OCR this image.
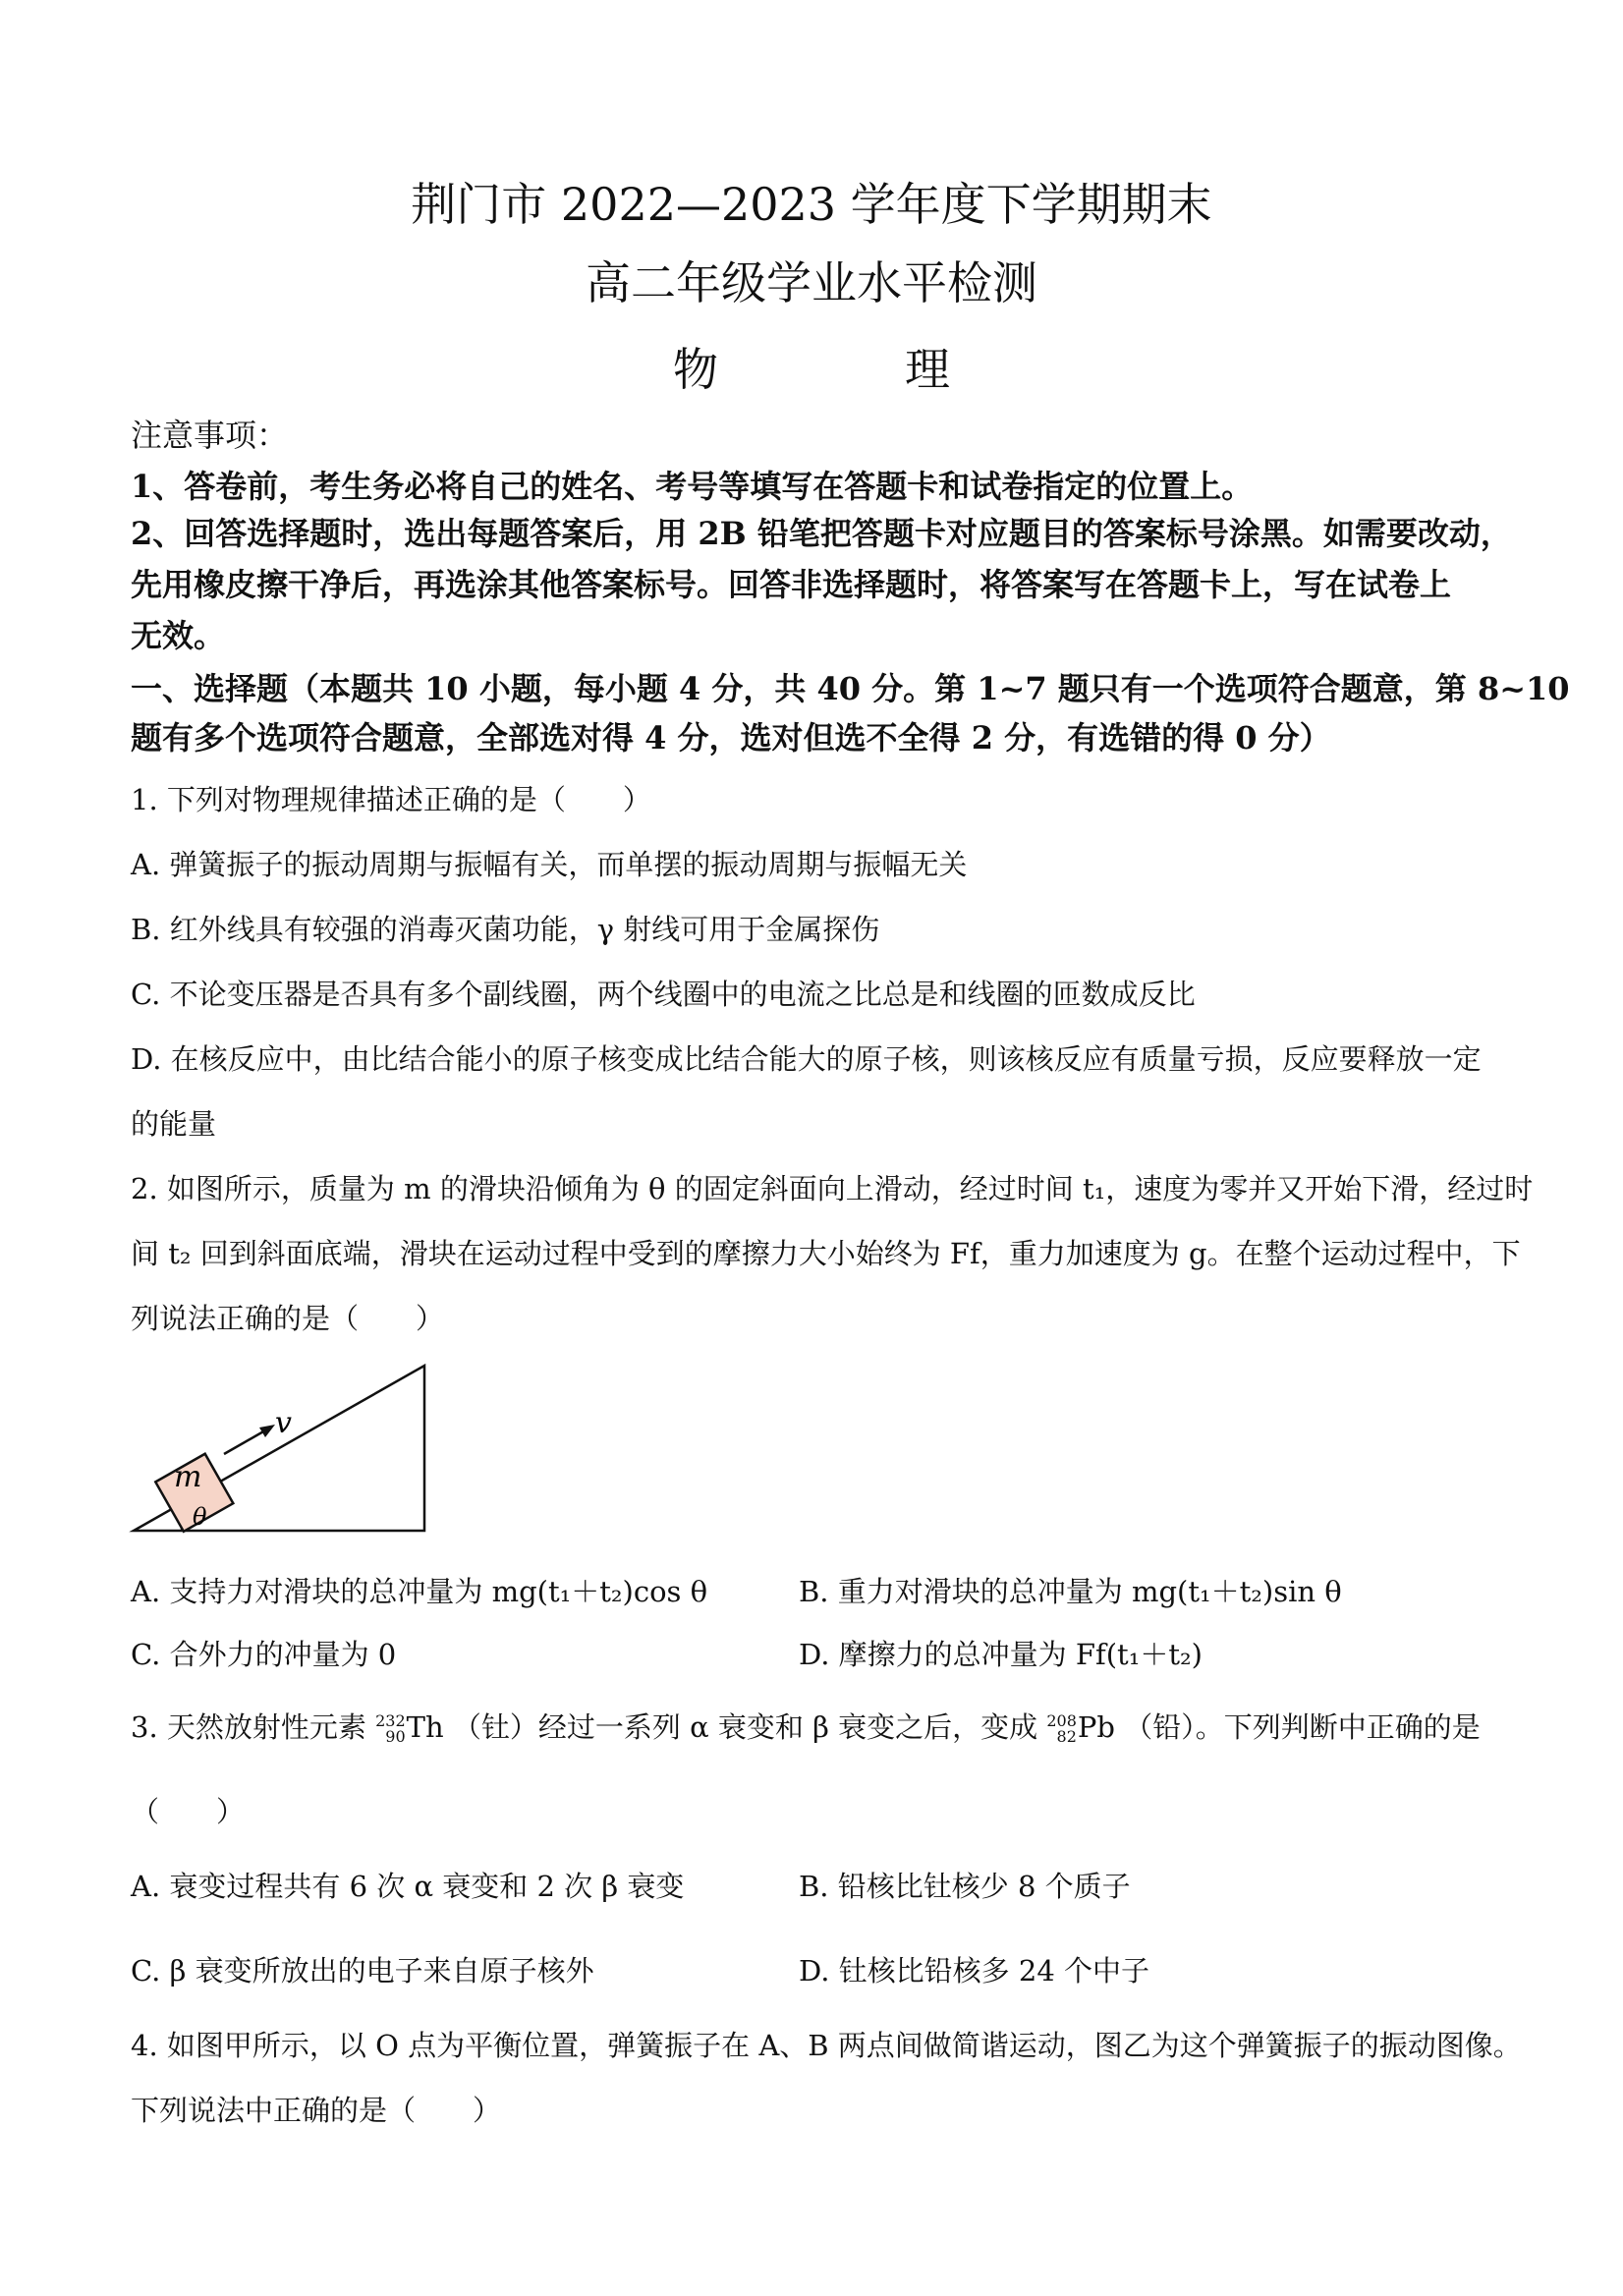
荆门市 2022—2023 学年度下学期期末
高二年级学业水平检测
物	理
注意事项：
1、答卷前，考生务必将自己的姓名、考号等填写在答题卡和试卷指定的位置上。
2、回答选择题时，选出每题答案后，用 2B 铅笔把答题卡对应题目的答案标号涂黑。如需要改动，
先用橡皮擦干净后，再选涂其他答案标号。回答非选择题时，将答案写在答题卡上，写在试卷上
无效。
一、选择题（本题共 10 小题，每小题 4 分，共 40 分。第 1~7 题只有一个选项符合题意，第 8~10
题有多个选项符合题意，全部选对得 4 分，选对但选不全得 2 分，有选错的得 0 分）
1. 下列对物理规律描述正确的是（　　）
A. 弹簧振子的振动周期与振幅有关，而单摆的振动周期与振幅无关
B. 红外线具有较强的消毒灭菌功能，γ 射线可用于金属探伤
C. 不论变压器是否具有多个副线圈，两个线圈中的电流之比总是和线圈的匝数成反比
D. 在核反应中，由比结合能小的原子核变成比结合能大的原子核，则该核反应有质量亏损，反应要释放一定
的能量
2. 如图所示，质量为 m 的滑块沿倾角为 θ 的固定斜面向上滑动，经过时间 t₁，速度为零并又开始下滑，经过时
间 t₂ 回到斜面底端，滑块在运动过程中受到的摩擦力大小始终为 Ff，重力加速度为 g。在整个运动过程中，下
列说法正确的是（　　）
m
v
θ
A. 支持力对滑块的总冲量为 mg(t₁＋t₂)cos θ	B. 重力对滑块的总冲量为 mg(t₁＋t₂)sin θ
C. 合外力的冲量为 0	D. 摩擦力的总冲量为 Ff(t₁＋t₂)
3. 天然放射性元素 232
90 Th （钍）经过一系列 α 衰变和 β 衰变之后，变成 208
82 Pb （铅）。下列判断中正确的是
（　　）
A. 衰变过程共有 6 次 α 衰变和 2 次 β 衰变	B. 铅核比钍核少 8 个质子
C. β 衰变所放出的电子来自原子核外	D. 钍核比铅核多 24 个中子
4. 如图甲所示，以 O 点为平衡位置，弹簧振子在 A、B 两点间做简谐运动，图乙为这个弹簧振子的振动图像。
下列说法中正确的是（　　）
